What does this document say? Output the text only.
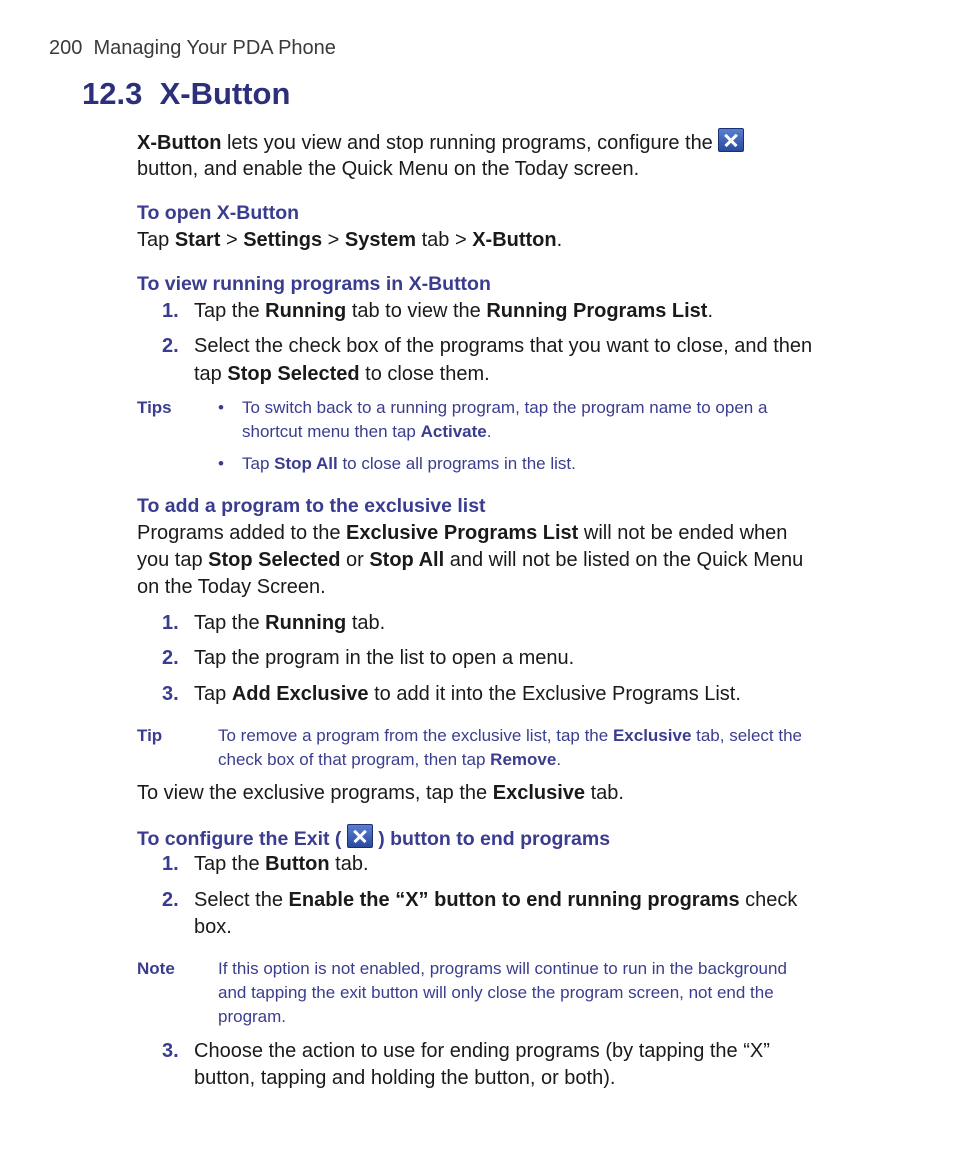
200 Managing Your PDA Phone
12.3 X-Button
X-Button lets you view and stop running programs, configure the
button, and enable the Quick Menu on the Today screen.
To open X-Button
Tap Start > Settings > System tab > X-Button.
To view running programs in X-Button
1. Tap the Running tab to view the Running Programs List.
2. Select the check box of the programs that you want to close, and then
tap Stop Selected to close them.
Tips	• To switch back to a running program, tap the program name to open a
shortcut menu then tap Activate.
• Tap Stop All to close all programs in the list.
To add a program to the exclusive list
Programs added to the Exclusive Programs List will not be ended when
you tap Stop Selected or Stop All and will not be listed on the Quick Menu
on the Today Screen.
1. Tap the Running tab.
2. Tap the program in the list to open a menu.
3. Tap Add Exclusive to add it into the Exclusive Programs List.
Tip	To remove a program from the exclusive list, tap the Exclusive tab, select the
check box of that program, then tap Remove.
To view the exclusive programs, tap the Exclusive tab.
To configure the Exit ( ) button to end programs
1. Tap the Button tab.
2. Select the Enable the “X” button to end running programs check
box.
Note	If this option is not enabled, programs will continue to run in the background
and tapping the exit button will only close the program screen, not end the
program.
3. Choose the action to use for ending programs (by tapping the “X”
button, tapping and holding the button, or both).
